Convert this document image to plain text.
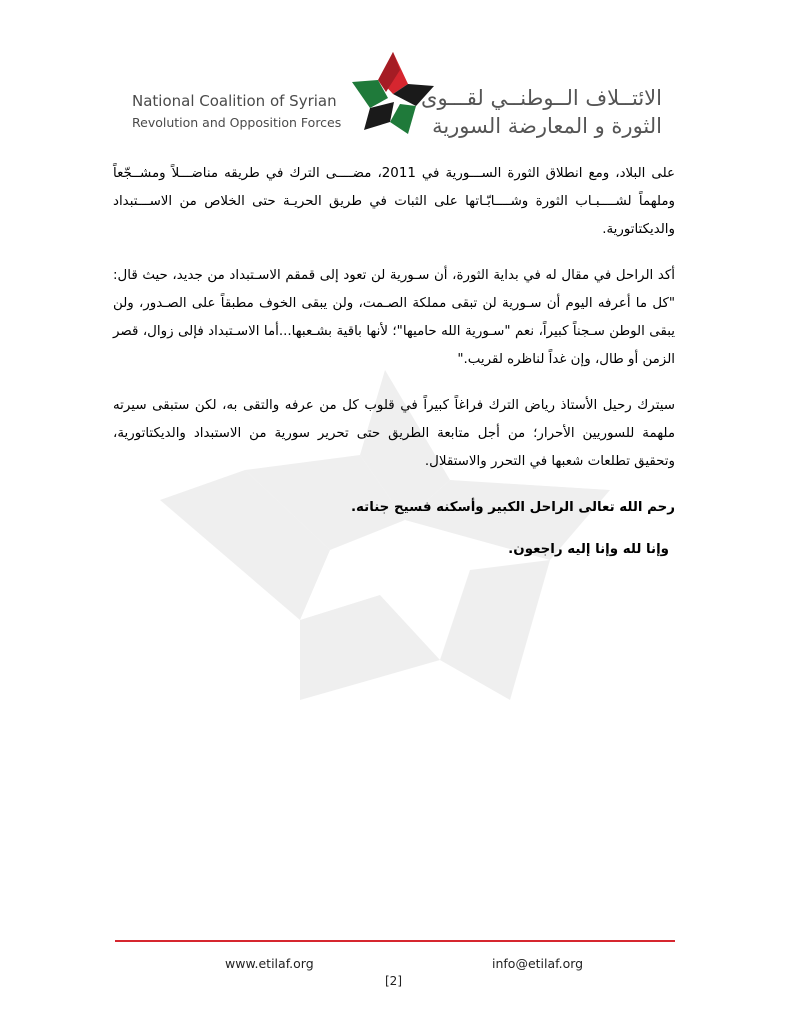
National Coalition of Syrian
Revolution and Opposition Forces
الائتــلاف الــوطنــي لقـــوى
الثورة و المعارضة السورية

على البلاد، ومع انطلاق الثورة الســـورية في 2011، مضــــى الترك في طريقه مناضـــلاً ومشــجّعاً وملهماً لشــــبـاب الثورة وشــــابّـاتها على الثبات في طريق الحريـة حتى الخلاص من الاســـتبداد والديكتاتورية.

أكد الراحل في مقال له في بداية الثورة، أن سـورية لن تعود إلى قمقم الاسـتبداد من جديد، حيث قال: "كل ما أعرفه اليوم أن سـورية لن تبقى مملكة الصـمت، ولن يبقى الخوف مطبقاً على الصـدور، ولن يبقى الوطن سـجناً كبيراً، نعم "سـورية الله حاميها"؛ لأنها باقية بشـعبها...أما الاسـتبداد فإلى زوال، قصر الزمن أو طال، وإن غداً لناظره لقريب."

سيترك رحيل الأستاذ رياض الترك فراغاً كبيراً في قلوب كل من عرفه والتقى به، لكن ستبقى سيرته ملهمة للسوريين الأحرار؛ من أجل متابعة الطريق حتى تحرير سورية من الاستبداد والديكتاتورية، وتحقيق تطلعات شعبها في التحرر والاستقلال.

رحم الله تعالى الراحل الكبير وأسكنه فسيح جناته.

وإنا لله وإنا إليه راجعون.

www.etilaf.org	info@etilaf.org
[2]
